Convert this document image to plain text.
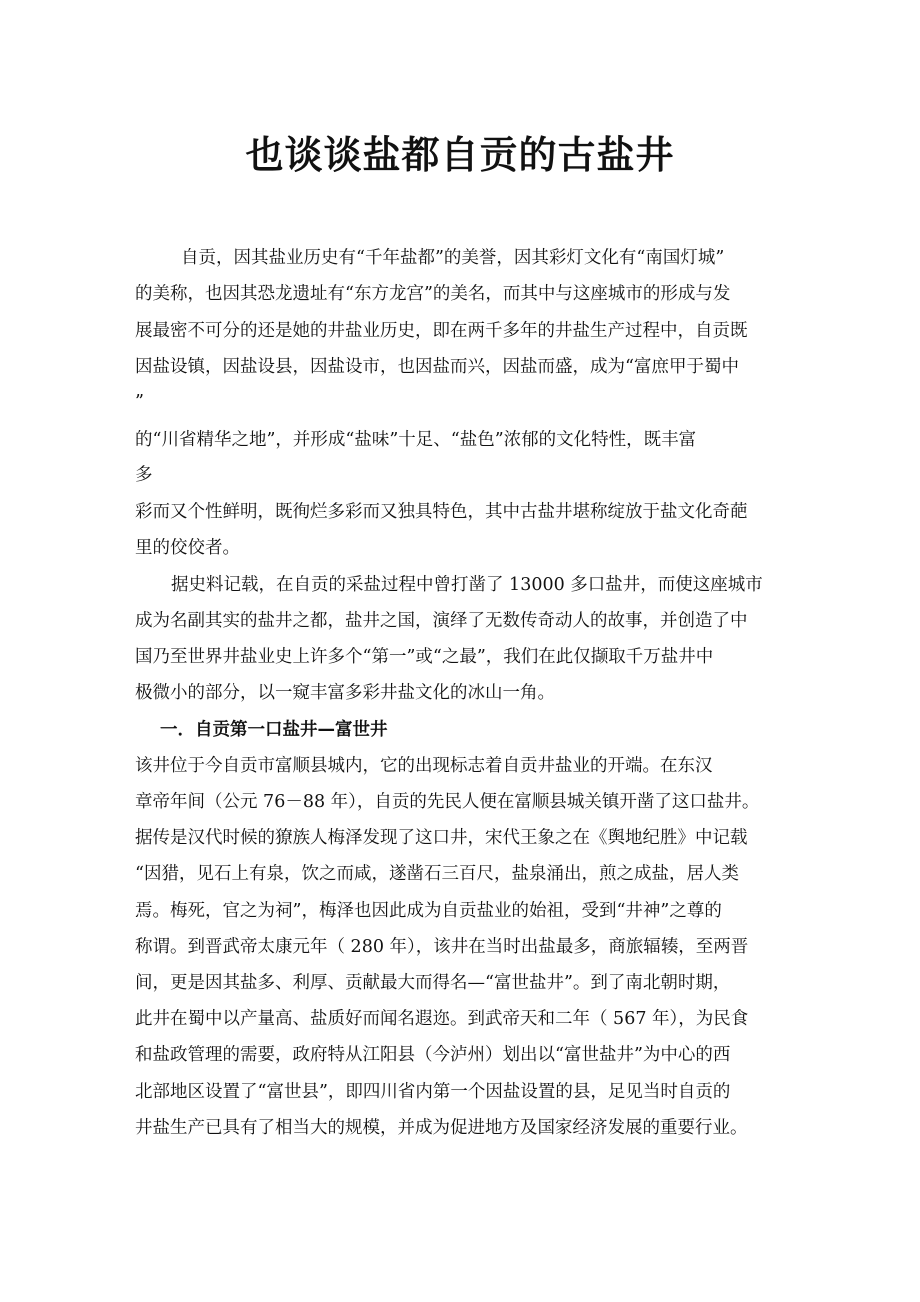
也谈谈盐都自贡的古盐井
自贡，因其盐业历史有“千年盐都”的美誉，因其彩灯文化有“南国灯城”
的美称，也因其恐龙遗址有“东方龙宫”的美名，而其中与这座城市的形成与发
展最密不可分的还是她的井盐业历史，即在两千多年的井盐生产过程中，自贡既
因盐设镇，因盐设县，因盐设市，也因盐而兴，因盐而盛，成为“富庶甲于蜀中
”
的“川省精华之地”，并形成“盐味”十足、“盐色”浓郁的文化特性，既丰富
多
彩而又个性鲜明，既徇烂多彩而又独具特色，其中古盐井堪称绽放于盐文化奇葩
里的佼佼者。
据史料记载，在自贡的采盐过程中曾打凿了 13000 多口盐井，而使这座城市
成为名副其实的盐井之都，盐井之国，演绎了无数传奇动人的故事，并创造了中
国乃至世界井盐业史上许多个“第一”或“之最”，我们在此仅撷取千万盐井中
极微小的部分，以一窥丰富多彩井盐文化的冰山一角。
一．自贡第一口盐井—富世井
该井位于今自贡市富顺县城内，它的出现标志着自贡井盐业的开端。在东汉
章帝年间（公元 76－88 年），自贡的先民人便在富顺县城关镇开凿了这口盐井。
据传是汉代时候的獠族人梅泽发现了这口井，宋代王象之在《舆地纪胜》中记载
“因猎，见石上有泉，饮之而咸，遂凿石三百尺，盐泉涌出，煎之成盐，居人类
焉。梅死，官之为祠”，梅泽也因此成为自贡盐业的始祖，受到“井神”之尊的
称谓。到晋武帝太康元年（ 280 年），该井在当时出盐最多，商旅辐辏，至两晋
间，更是因其盐多、利厚、贡献最大而得名—“富世盐井”。到了南北朝时期，
此井在蜀中以产量高、盐质好而闻名遐迩。到武帝天和二年（ 567 年），为民食
和盐政管理的需要，政府特从江阳县（今泸州）划出以“富世盐井”为中心的西
北部地区设置了“富世县”，即四川省内第一个因盐设置的县，足见当时自贡的
井盐生产已具有了相当大的规模，并成为促进地方及国家经济发展的重要行业。
